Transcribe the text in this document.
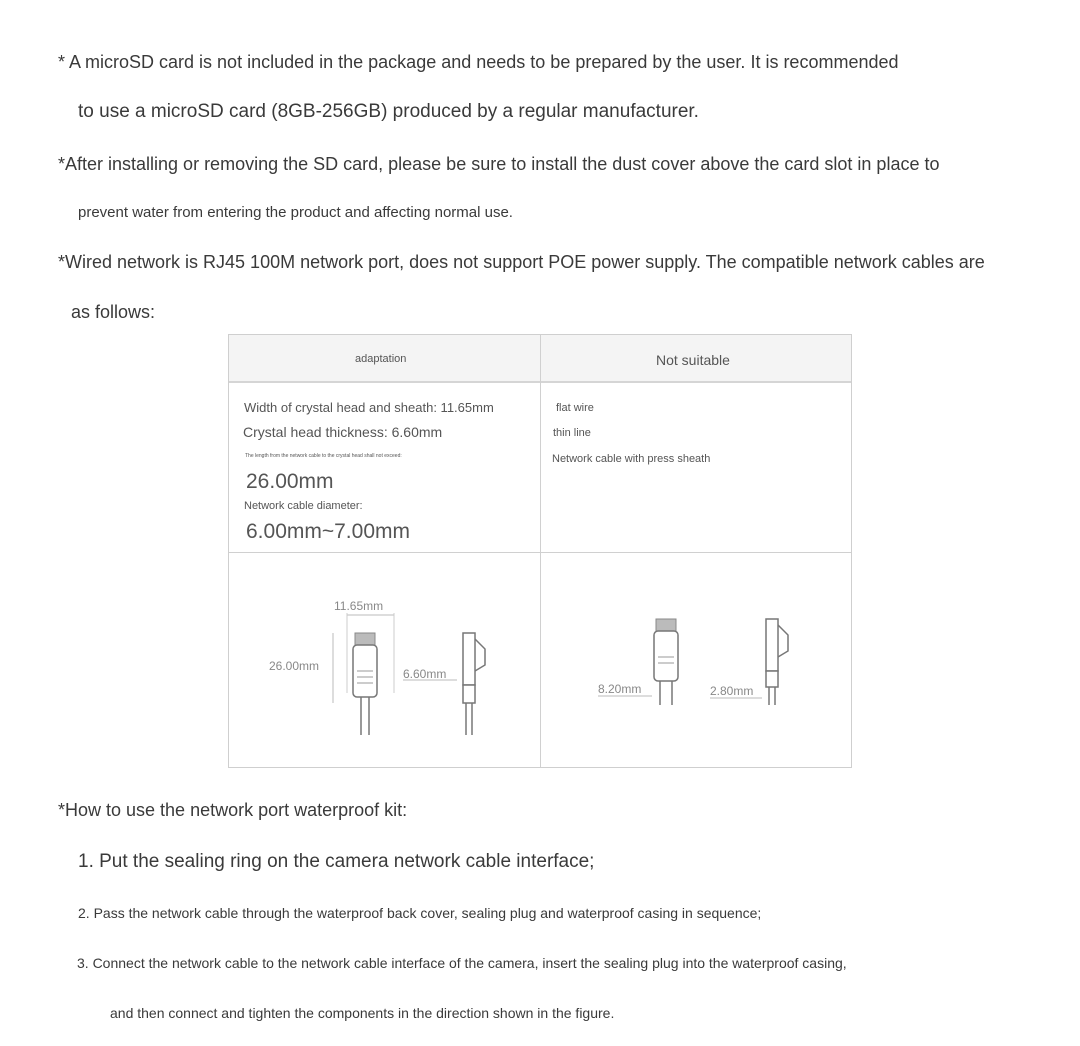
* A microSD card is not included in the package and needs to be prepared by the user. It is recommended
to use a microSD card (8GB-256GB) produced by a regular manufacturer.
*After installing or removing the SD card, please be sure to install the dust cover above the card slot in place to
prevent water from entering the product and affecting normal use.
*Wired network is RJ45 100M network port, does not support POE power supply. The compatible network cables are
as follows:
adaptation	Not suitable
Width of crystal head and sheath: 11.65mm
Crystal head thickness: 6.60mm
The length from the network cable to the crystal head shall not exceed:
26.00mm
Network cable diameter:
6.00mm~7.00mm
flat wire
thin line
Network cable with press sheath
11.65mm
26.00mm
6.60mm
8.20mm	2.80mm
*How to use the network port waterproof kit:
1. Put the sealing ring on the camera network cable interface;
2. Pass the network cable through the waterproof back cover, sealing plug and waterproof casing in sequence;
3. Connect the network cable to the network cable interface of the camera, insert the sealing plug into the waterproof casing,
and then connect and tighten the components in the direction shown in the figure.
